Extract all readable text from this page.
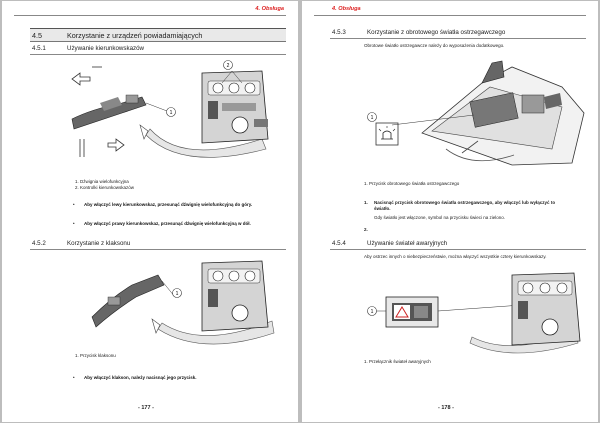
4. Obsługa
4.5	Korzystanie z urządzeń powiadamiających
4.5.1	Używanie kierunkowskazów
2
1
1. Dźwignia wielofunkcyjna
2. Kontrolki kierunkowskazów
• Aby włączyć lewy kierunkowskaz, przesunąć dźwignię wielofunkcyjną do góry.
• Aby włączyć prawy kierunkowskaz, przesunąć dźwignię wielofunkcyjną w dół.
4.5.2	Korzystanie z klaksonu
1
1. Przycisk klaksonu
• Aby włączyć klakson, należy nacisnąć jego przycisk.
- 177 -
4. Obsługa
4.5.3	Korzystanie z obrotowego światła ostrzegawczego
Obrotowe światło ostrzegawcze należy do wyposażenia dodatkowego.
1
1. Przycisk obrotowego światła ostrzegawczego
1. Nacisnąć przycisk obrotowego światła ostrzegawczego, aby włączyć lub wyłączyć to światło.
Gdy światło jest włączone, symbol na przycisku świeci na zielono.
2.
4.5.4	Używanie świateł awaryjnych
Aby ostrzec innych o niebezpieczeństwie, można włączyć wszystkie cztery kierunkowskazy.
1
1. Przełącznik świateł awaryjnych
- 178 -
